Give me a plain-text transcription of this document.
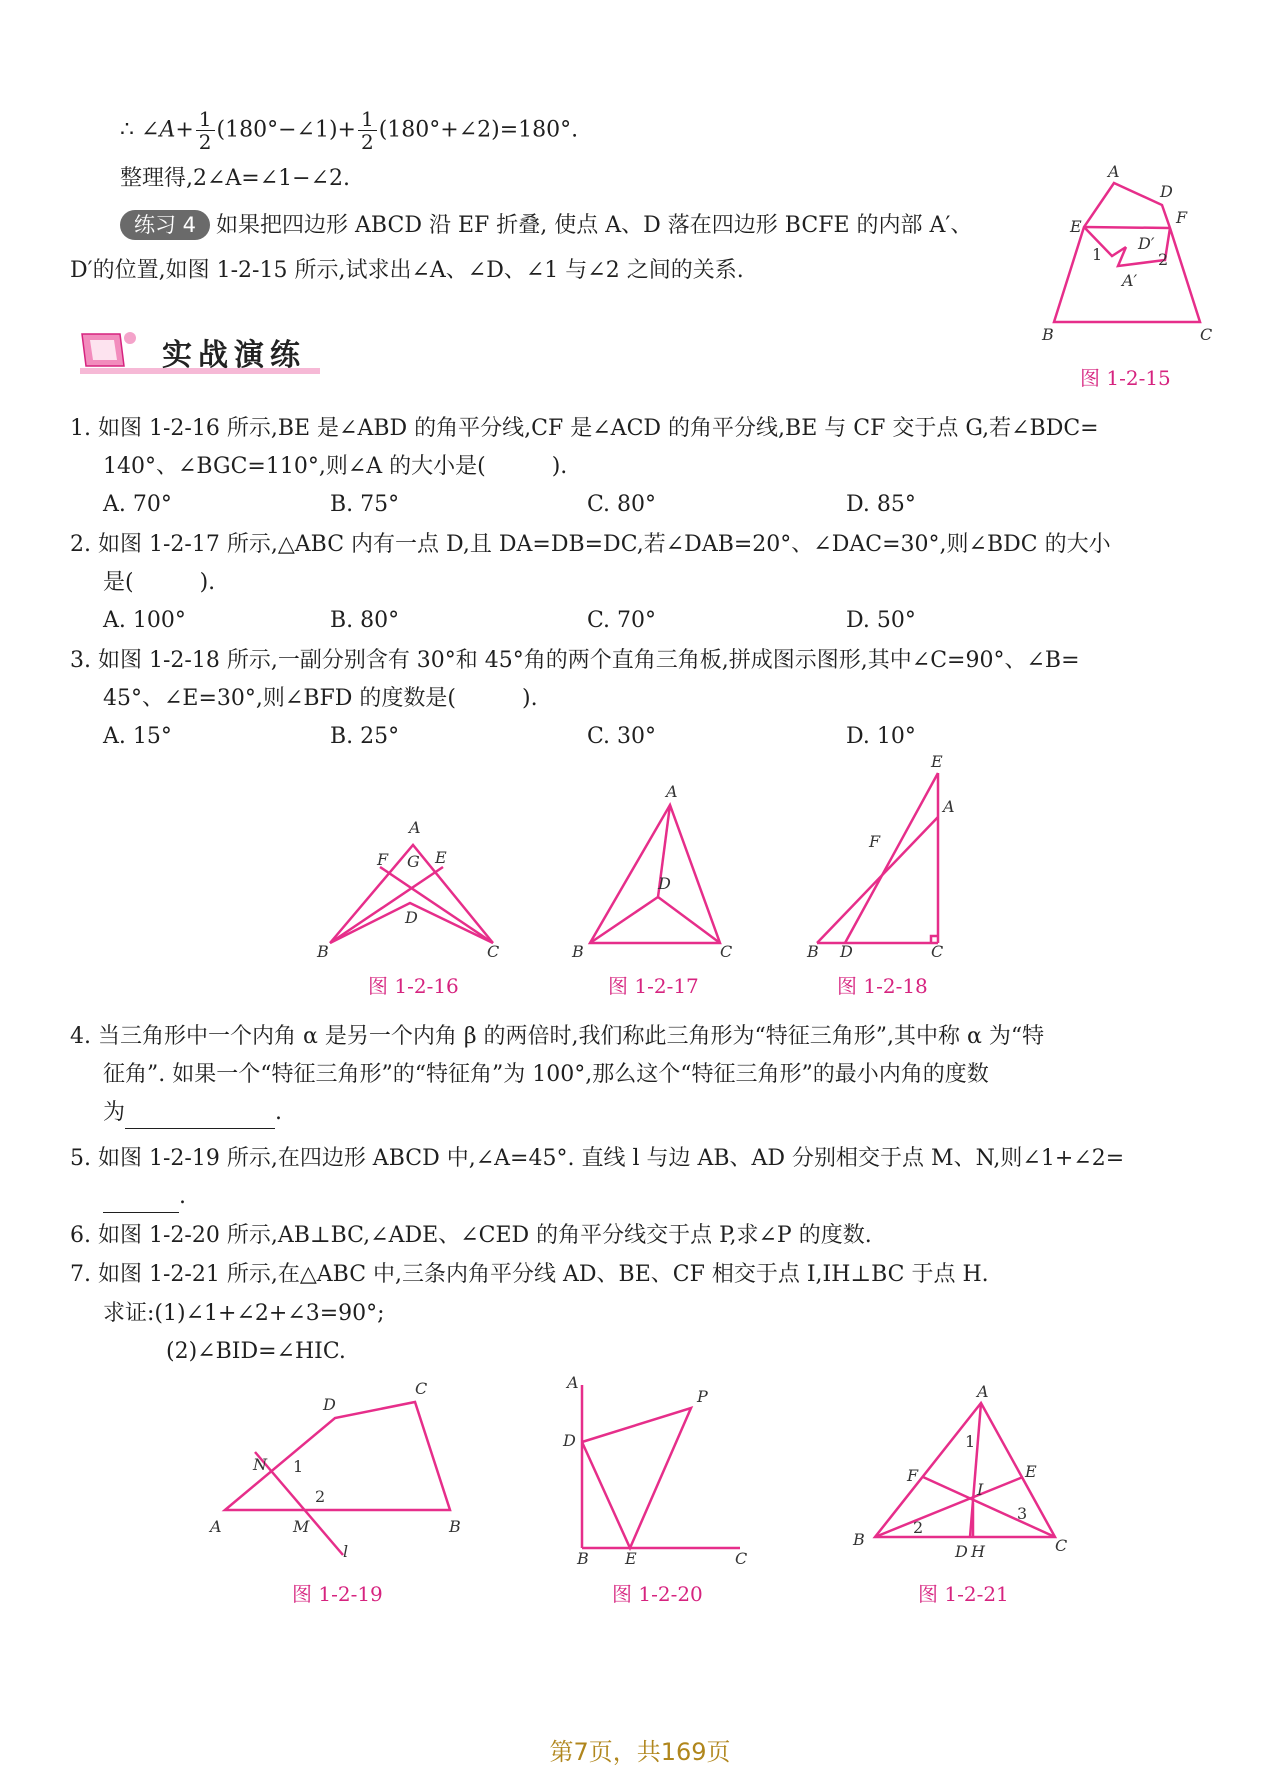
∴ ∠A+ $\frac{1}{2}$ (180°−∠1)+ $\frac{1}{2}$ (180°+∠2)=180°.
整理得,2∠A=∠1−∠2.
练习 4 如果把四边形 ABCD 沿 EF 折叠, 使点 A、D 落在四边形 BCFE 的内部 A′、
D′的位置,如图 1-2-15 所示,试求出∠A、∠D、∠1 与∠2 之间的关系.
A
D
E	F
D′
1	2
A′
B	C
图 1-2-15
实战演练
1. 如图 1-2-16 所示,BE 是∠ABD 的角平分线,CF 是∠ACD 的角平分线,BE 与 CF 交于点 G,若∠BDC=
140°、∠BGC=110°,则∠A 的大小是(　　　).
A. 70°	B. 75°	C. 80°	D. 85°
2. 如图 1-2-17 所示,△ABC 内有一点 D,且 DA=DB=DC,若∠DAB=20°、∠DAC=30°,则∠BDC 的大小
是(　　　).
A. 100°	B. 80°	C. 70°	D. 50°
3. 如图 1-2-18 所示,一副分别含有 30°和 45°角的两个直角三角板,拼成图示图形,其中∠C=90°、∠B=
45°、∠E=30°,则∠BFD 的度数是(　　　).
A. 15°	B. 25°	C. 30°	D. 10°
A
F G E
D
B	C
图 1-2-16
A
D
B	C
图 1-2-17
E
A
F
B D	C
图 1-2-18
4. 当三角形中一个内角 α 是另一个内角 β 的两倍时,我们称此三角形为“特征三角形”,其中称 α 为“特
征角”. 如果一个“特征三角形”的“特征角”为 100°,那么这个“特征三角形”的最小内角的度数
为	.
5. 如图 1-2-19 所示,在四边形 ABCD 中,∠A=45°. 直线 l 与边 AB、AD 分别相交于点 M、N,则∠1+∠2=
.
6. 如图 1-2-20 所示,AB⊥BC,∠ADE、∠CED 的角平分线交于点 P,求∠P 的度数.
7. 如图 1-2-21 所示,在△ABC 中,三条内角平分线 AD、BE、CF 相交于点 I,IH⊥BC 于点 H.
求证:(1)∠1+∠2+∠3=90°;
(2)∠BID=∠HIC.
C
D
N 1
2
A	M
l
B
图 1-2-19
A
P
D
B E	C
图 1-2-20
A
1
F
I
E
3
B
2
D H	C
图 1-2-21
第7页，共169页
